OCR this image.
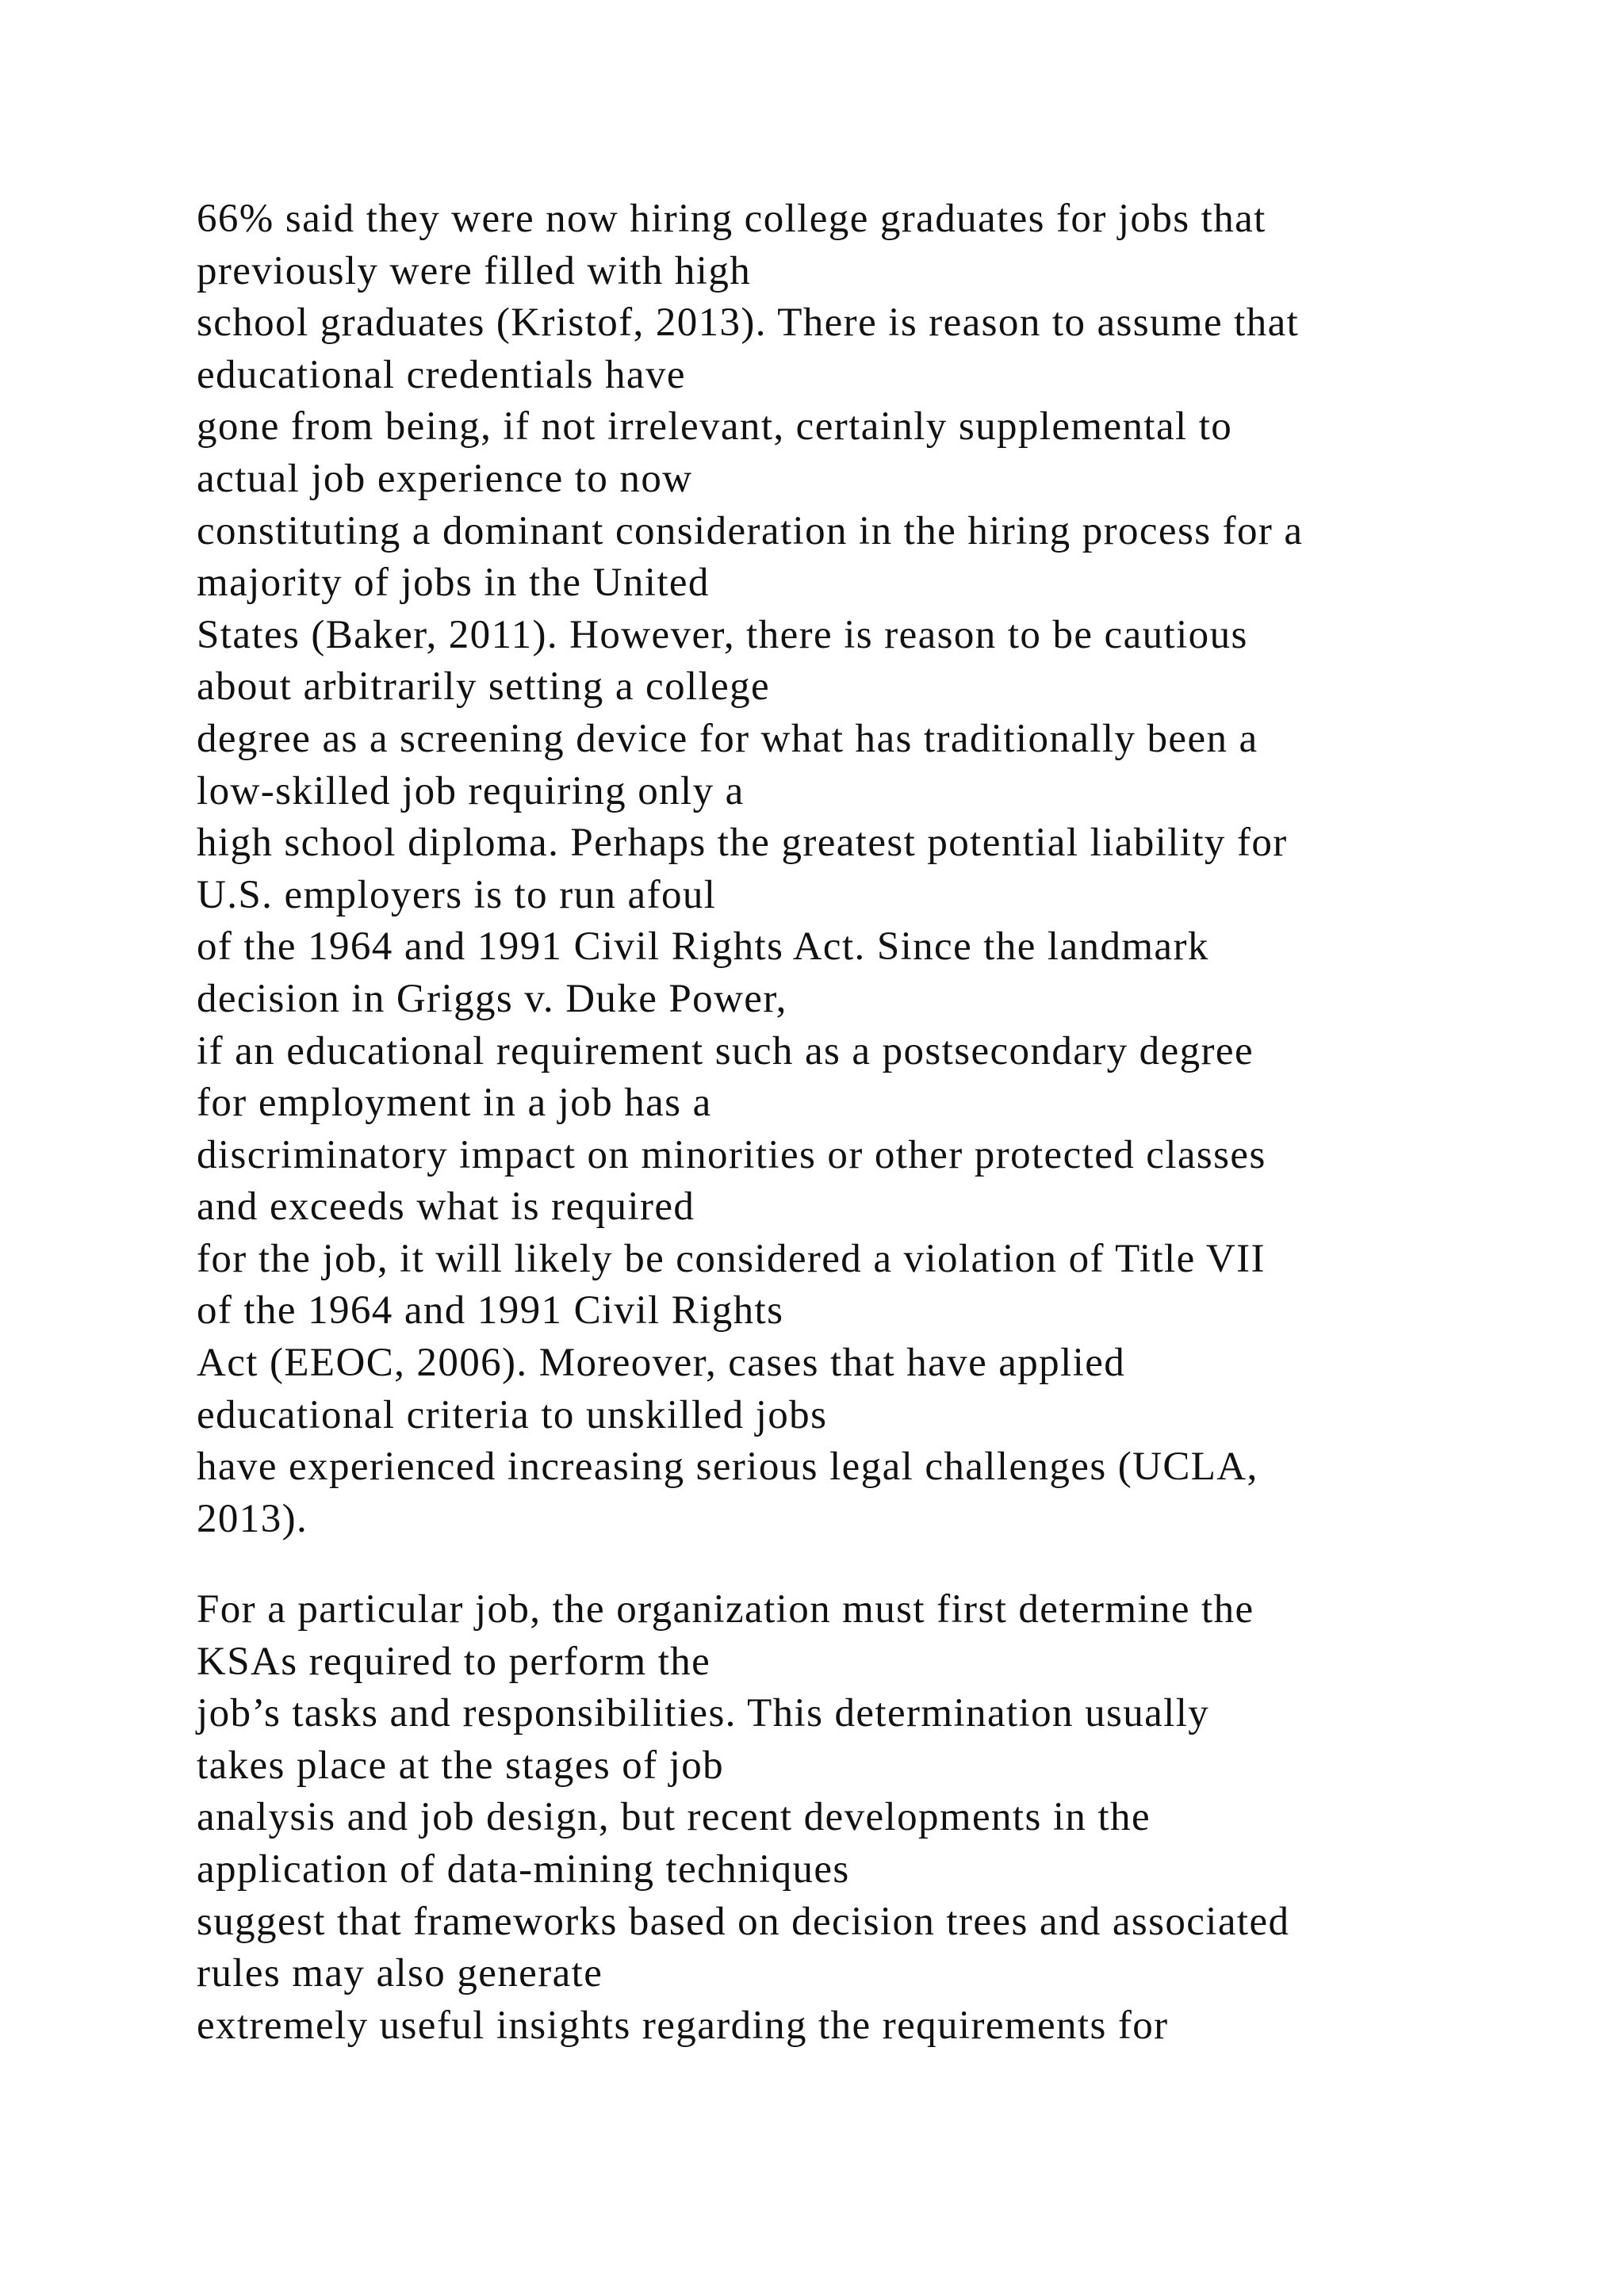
66% said they were now hiring college graduates for jobs that
previously were filled with high
school graduates (Kristof, 2013). There is reason to assume that
educational credentials have
gone from being, if not irrelevant, certainly supplemental to
actual job experience to now
constituting a dominant consideration in the hiring process for a
majority of jobs in the United
States (Baker, 2011). However, there is reason to be cautious
about arbitrarily setting a college
degree as a screening device for what has traditionally been a
low-skilled job requiring only a
high school diploma. Perhaps the greatest potential liability for
U.S. employers is to run afoul
of the 1964 and 1991 Civil Rights Act. Since the landmark
decision in Griggs v. Duke Power,
if an educational requirement such as a postsecondary degree
for employment in a job has a
discriminatory impact on minorities or other protected classes
and exceeds what is required
for the job, it will likely be considered a violation of Title VII
of the 1964 and 1991 Civil Rights
Act (EEOC, 2006). Moreover, cases that have applied
educational criteria to unskilled jobs
have experienced increasing serious legal challenges (UCLA,
2013).

For a particular job, the organization must first determine the
KSAs required to perform the
job’s tasks and responsibilities. This determination usually
takes place at the stages of job
analysis and job design, but recent developments in the
application of data-mining techniques
suggest that frameworks based on decision trees and associated
rules may also generate
extremely useful insights regarding the requirements for
